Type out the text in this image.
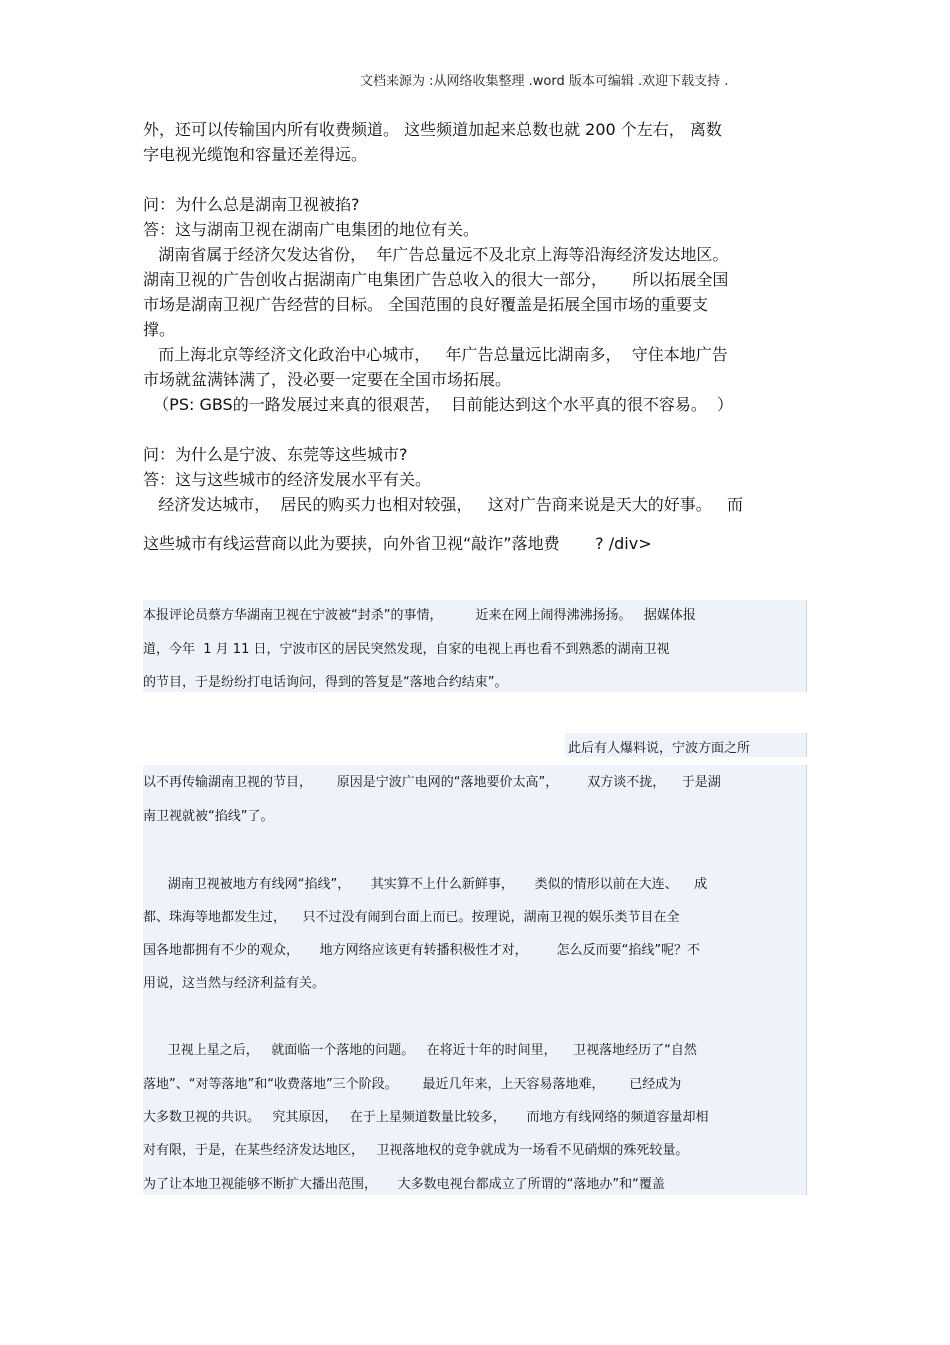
文档来源为 :从网络收集整理 .word 版本可编辑 .欢迎下载支持 .
外，还可以传输国内所有收费频道。 这些频道加起来总数也就 200 个左右， 离数
字电视光缆饱和容量还差得远。
问：为什么总是湖南卫视被掐?
答：这与湖南卫视在湖南广电集团的地位有关。
湖南省属于经济欠发达省份，  年广告总量远不及北京上海等沿海经济发达地区。
湖南卫视的广告创收占据湖南广电集团广告总收入的很大一部分，     所以拓展全国
市场是湖南卫视广告经营的目标。 全国范围的良好覆盖是拓展全国市场的重要支
撑。
而上海北京等经济文化政治中心城市，   年广告总量远比湖南多，  守住本地广告
市场就盆满钵满了，没必要一定要在全国市场拓展。
（PS: GBS的一路发展过来真的很艰苦，  目前能达到这个水平真的很不容易。  ）
问：为什么是宁波、东莞等这些城市?
答：这与这些城市的经济发展水平有关。
经济发达城市，  居民的购买力也相对较强，   这对广告商来说是天大的好事。   而
这些城市有线运营商以此为要挟，向外省卫视“敲诈”落地费       ? /div>
本报评论员蔡方华湖南卫视在宁波被“封杀”的事情，        近来在网上闹得沸沸扬扬。   据媒体报
道，今年  1 月 11 日，宁波市区的居民突然发现，自家的电视上再也看不到熟悉的湖南卫视
的节目，于是纷纷打电话询问，得到的答复是“落地合约结束”。
此后有人爆料说，宁波方面之所
以不再传输湖南卫视的节目，      原因是宁波广电网的“落地要价太高”，       双方谈不拢，    于是湖
南卫视就被“掐线”了。
湖南卫视被地方有线网“掐线”，     其实算不上什么新鲜事，     类似的情形以前在大连、    成
都、珠海等地都发生过，    只不过没有闹到台面上而已。按理说，湖南卫视的娱乐类节目在全
国各地都拥有不少的观众，     地方网络应该更有转播积极性才对，       怎么反而要“掐线”呢？不
用说，这当然与经济利益有关。
卫视上星之后，   就面临一个落地的问题。   在将近十年的时间里，    卫视落地经历了“自然
落地”、“对等落地”和“收费落地”三个阶段。      最近几年来，上天容易落地难，      已经成为
大多数卫视的共识。   究其原因，   在于上星频道数量比较多，     而地方有线网络的频道容量却相
对有限，于是，在某些经济发达地区，   卫视落地权的竞争就成为一场看不见硝烟的殊死较量。
为了让本地卫视能够不断扩大播出范围，     大多数电视台都成立了所谓的“落地办”和“覆盖
